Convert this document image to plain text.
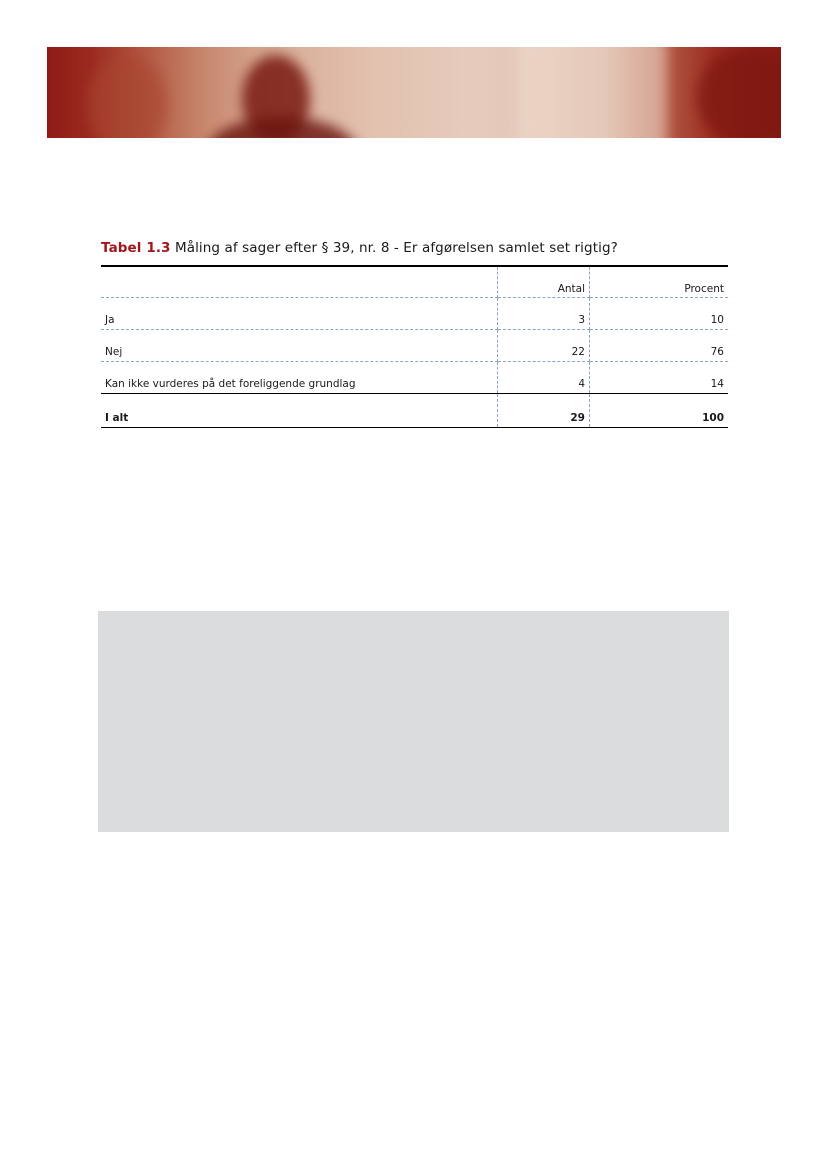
Tabel 1.3 Måling af sager efter § 39, nr. 8 - Er afgørelsen samlet set rigtig?
	Antal	Procent
Ja	3	10
Nej	22	76
Kan ikke vurderes på det foreliggende grundlag	4	14
I alt	29	100
